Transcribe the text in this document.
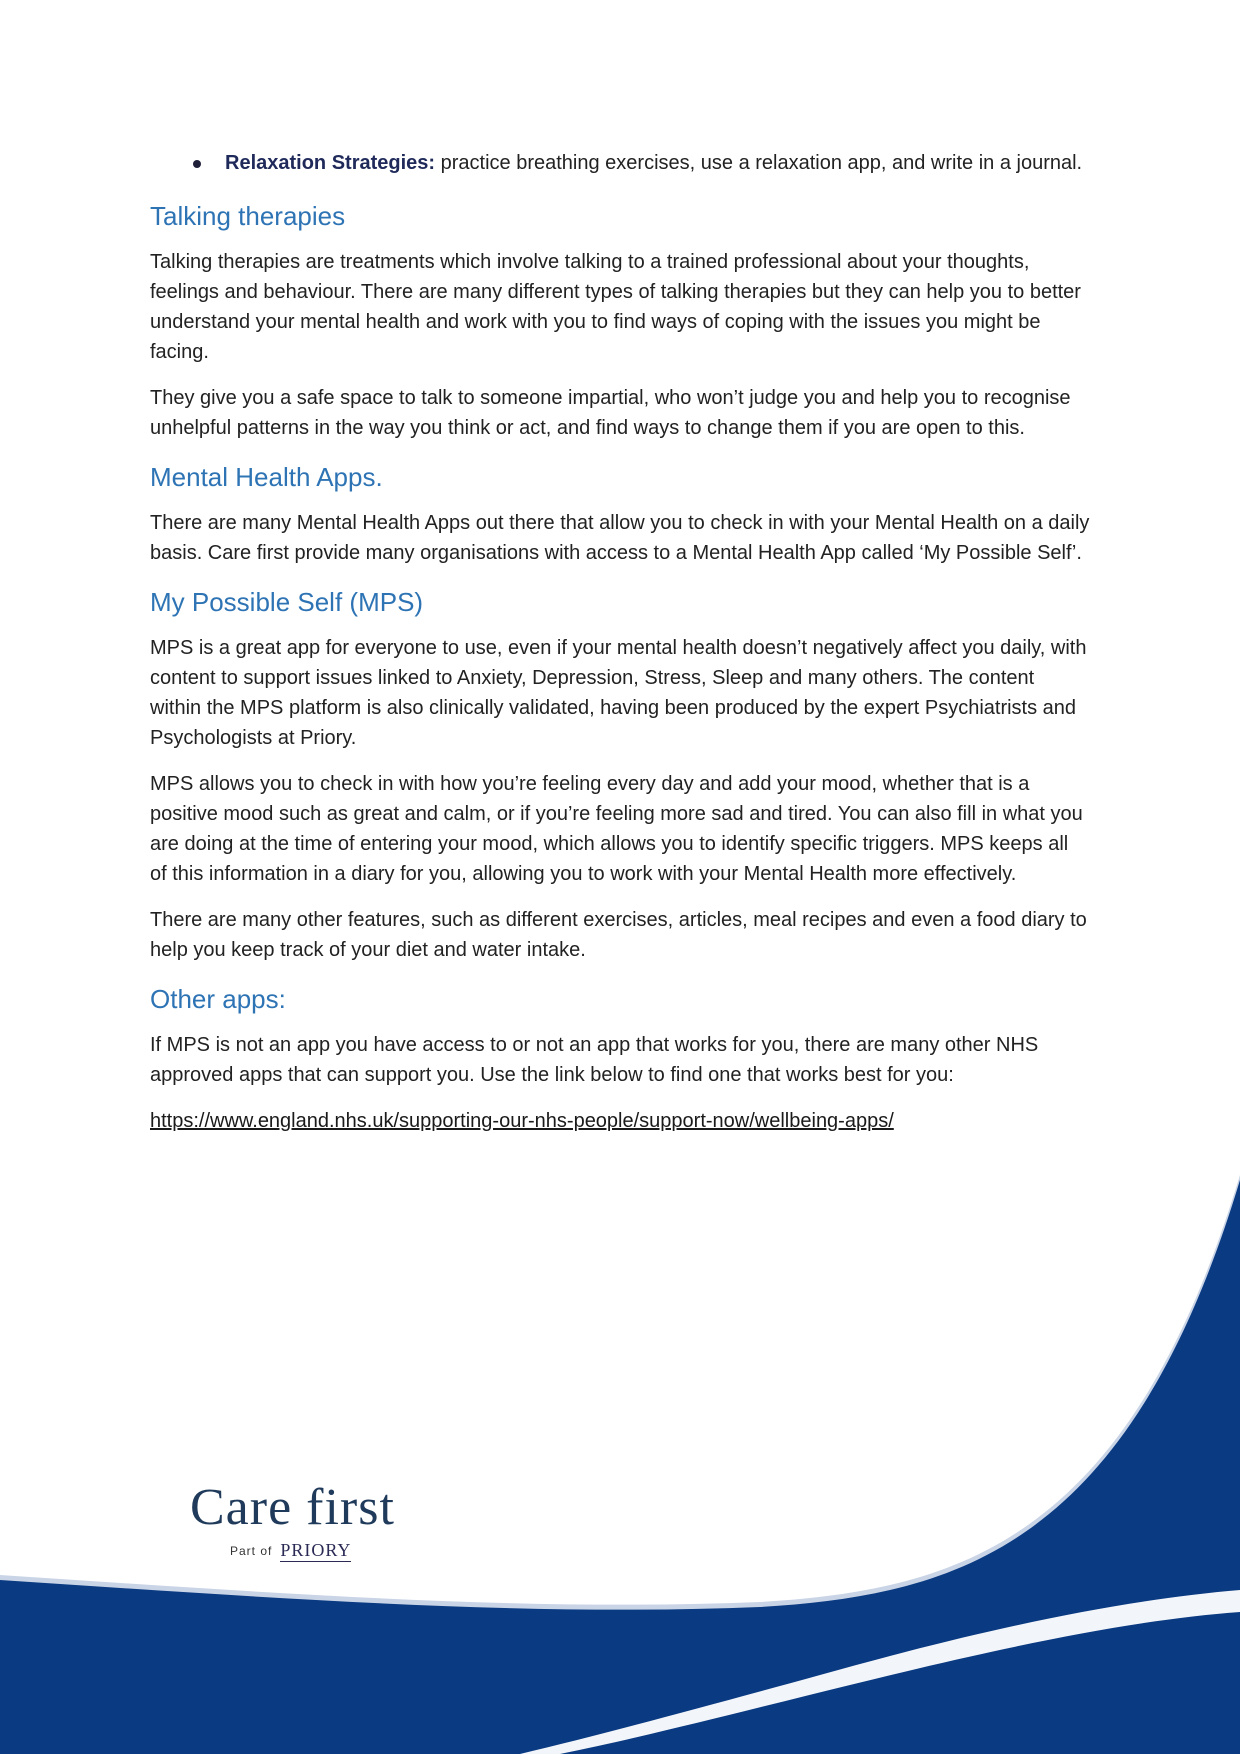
Relaxation Strategies: practice breathing exercises, use a relaxation app, and write in a journal.
Talking therapies

Talking therapies are treatments which involve talking to a trained professional about your thoughts, feelings and behaviour. There are many different types of talking therapies but they can help you to better understand your mental health and work with you to find ways of coping with the issues you might be facing.

They give you a safe space to talk to someone impartial, who won’t judge you and help you to recognise unhelpful patterns in the way you think or act, and find ways to change them if you are open to this.

Mental Health Apps.

There are many Mental Health Apps out there that allow you to check in with your Mental Health on a daily basis. Care first provide many organisations with access to a Mental Health App called ‘My Possible Self’.

My Possible Self (MPS)

MPS is a great app for everyone to use, even if your mental health doesn’t negatively affect you daily, with content to support issues linked to Anxiety, Depression, Stress, Sleep and many others. The content within the MPS platform is also clinically validated, having been produced by the expert Psychiatrists and Psychologists at Priory.

MPS allows you to check in with how you’re feeling every day and add your mood, whether that is a positive mood such as great and calm, or if you’re feeling more sad and tired. You can also fill in what you are doing at the time of entering your mood, which allows you to identify specific triggers. MPS keeps all of this information in a diary for you, allowing you to work with your Mental Health more effectively.

There are many other features, such as different exercises, articles, meal recipes and even a food diary to help you keep track of your diet and water intake.

Other apps:

If MPS is not an app you have access to or not an app that works for you, there are many other NHS approved apps that can support you. Use the link below to find one that works best for you:

https://www.england.nhs.uk/supporting-our-nhs-people/support-now/wellbeing-apps/

Care first
Part of PRIORY
